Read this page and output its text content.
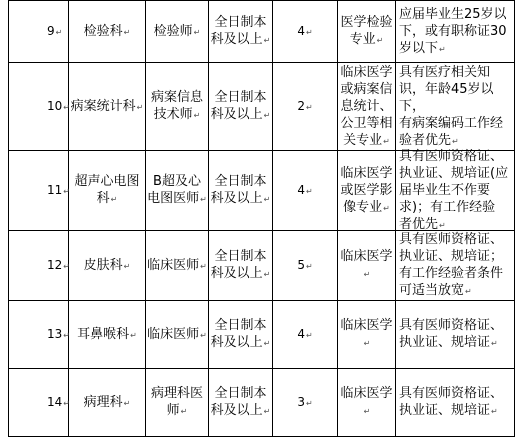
9↵ 检验科↵ 检验师↵
全日制本
科及以上↵
4↵
医学检验
专业↵
应届毕业生25岁以
下，或有职称证30
岁以下↵
10↵ 病案统计科↵
病案信息
技术师↵
全日制本
科及以上↵
2↵
临床医学
或病案信
息统计、
公卫等相
关专业↵
具有医疗相关知
识，年龄45岁以下，
有病案编码工作经
验者优先↵
11↵
超声心电图
科↵
B超及心
电图医师↵
全日制本
科及以上↵
4↵
临床医学
或医学影
像专业↵
具有医师资格证、
执业证、规培证(应
届毕业生不作要
求)；有工作经验
者优先↵
12↵ 皮肤科↵ 临床医师↵
全日制本
科及以上↵
5↵
临床医学↵
具有医师资格证、
执业证、规培证；
有工作经验者条件
可适当放宽↵
13↵ 耳鼻喉科↵ 临床医师↵
全日制本
科及以上↵
4↵
临床医学↵
具有医师资格证、
执业证、规培证↵
14↵ 病理科↵
病理科医
师↵
全日制本
科及以上↵
3↵
临床医学↵
具有医师资格证、
执业证、规培证↵
